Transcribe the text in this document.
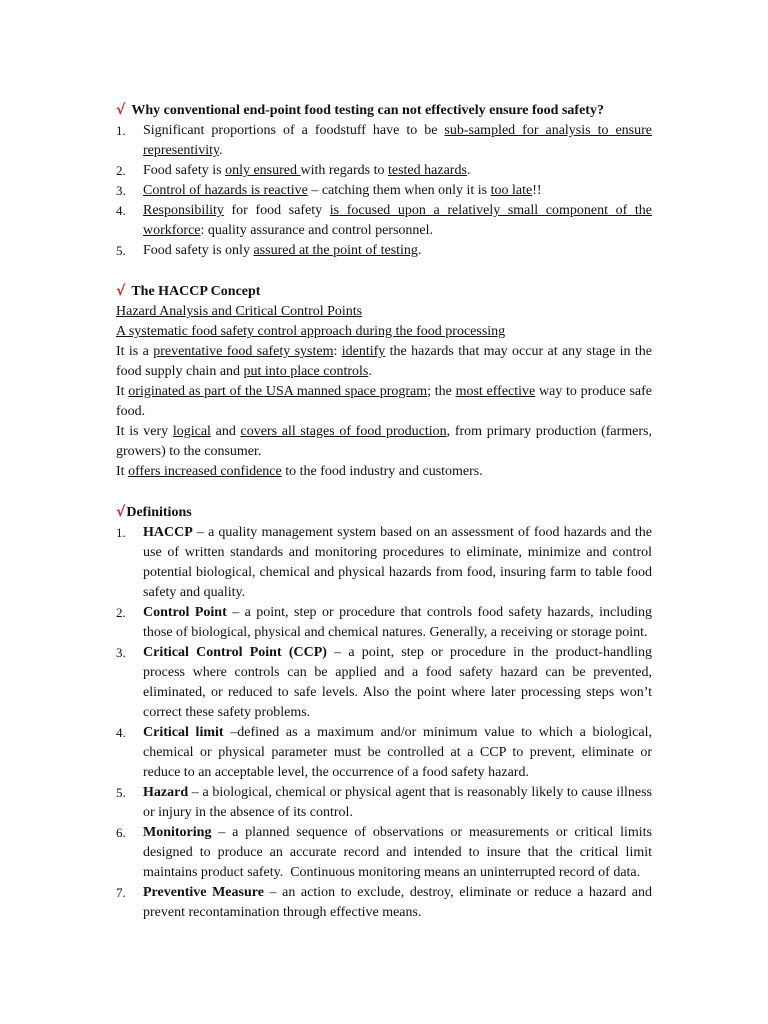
√ Why conventional end-point food testing can not effectively ensure food safety?

1. Significant proportions of a foodstuff have to be sub-sampled for analysis to ensure representivity.
2. Food safety is only ensured with regards to tested hazards.
3. Control of hazards is reactive – catching them when only it is too late!!
4. Responsibility for food safety is focused upon a relatively small component of the workforce: quality assurance and control personnel.
5. Food safety is only assured at the point of testing.

√ The HACCP Concept

Hazard Analysis and Critical Control Points

A systematic food safety control approach during the food processing

It is a preventative food safety system: identify the hazards that may occur at any stage in the food supply chain and put into place controls.

It originated as part of the USA manned space program; the most effective way to produce safe food.

It is very logical and covers all stages of food production, from primary production (farmers, growers) to the consumer.

It offers increased confidence to the food industry and customers.

√Definitions

1. HACCP – a quality management system based on an assessment of food hazards and the use of written standards and monitoring procedures to eliminate, minimize and control potential biological, chemical and physical hazards from food, insuring farm to table food safety and quality.
2. Control Point – a point, step or procedure that controls food safety hazards, including those of biological, physical and chemical natures. Generally, a receiving or storage point.
3. Critical Control Point (CCP) – a point, step or procedure in the product-handling process where controls can be applied and a food safety hazard can be prevented, eliminated, or reduced to safe levels. Also the point where later processing steps won’t correct these safety problems.
4. Critical limit –defined as a maximum and/or minimum value to which a biological, chemical or physical parameter must be controlled at a CCP to prevent, eliminate or reduce to an acceptable level, the occurrence of a food safety hazard.
5. Hazard – a biological, chemical or physical agent that is reasonably likely to cause illness or injury in the absence of its control.
6. Monitoring – a planned sequence of observations or measurements or critical limits designed to produce an accurate record and intended to insure that the critical limit maintains product safety.  Continuous monitoring means an uninterrupted record of data.
7. Preventive Measure – an action to exclude, destroy, eliminate or reduce a hazard and prevent recontamination through effective means.
